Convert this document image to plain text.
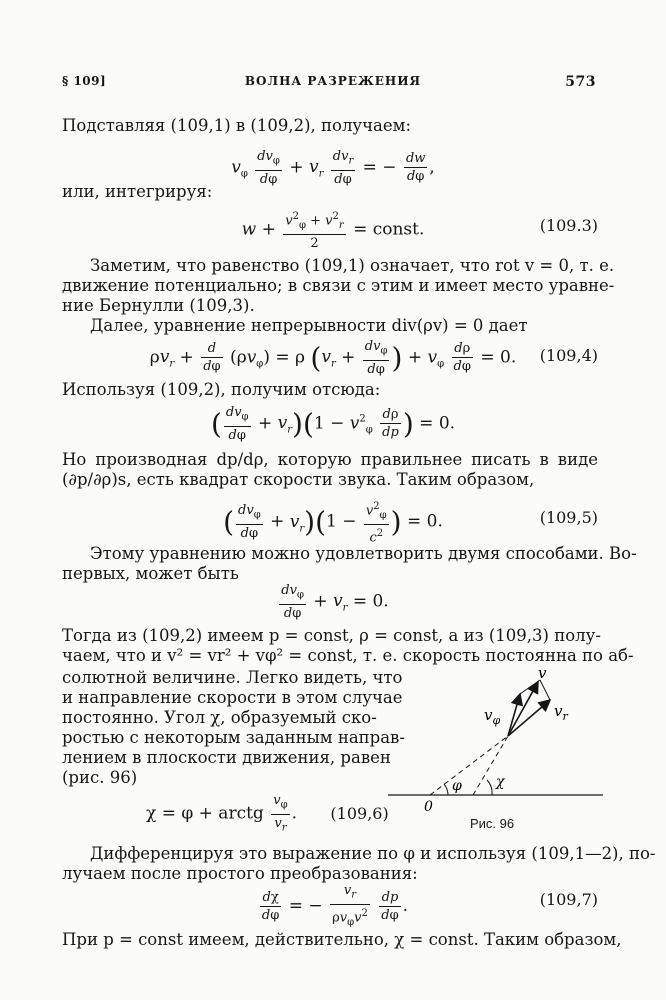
§ 109]	ВОЛНА РАЗРЕЖЕНИЯ	573
Подставляя (109,1) в (109,2), получаем:
$v_\varphi \frac{dv_\varphi}{d\varphi} + v_r \frac{dv_r}{d\varphi}$ = − $\frac{dw}{d\varphi}$ ,
или, интегрируя:
$w + \frac{v^2_\varphi + v^2_r}{2}$ = const.	(109.3)
Заметим, что равенство (109,1) означает, что rot v = 0, т. е.
движение потенциально; в связи с этим и имеет место уравне-
ние Бернулли (109,3).
Далее, уравнение непрерывности div(ρv) = 0 дает
$\rho v_r + \frac{d}{d\varphi} (\rho v_\varphi) = \rho$ ($v_r + \frac{dv_\varphi}{d\varphi}$ ) + $v_\varphi \frac{d\rho}{d\varphi} = 0$.	(109,4)
Используя (109,2), получим отсюда:
( $\frac{dv_\varphi}{d\varphi} + v_r)(1 - v^2_\varphi \frac{d\rho}{dp}$ ) = 0.
Но производная dp/dρ, которую правильнее писать в виде
(∂p/∂ρ)s, есть квадрат скорости звука. Таким образом,
( $\frac{dv_\varphi}{d\varphi} + v_r)(1 - \frac{v^2_\varphi}{c^2}$ ) = 0.	(109,5)
Этому уравнению можно удовлетворить двумя способами. Во-
первых, может быть
$\frac{dv_\varphi}{d\varphi} + v_r = 0$.
Тогда из (109,2) имеем p = const, ρ = const, а из (109,3) полу-
чаем, что и v² = vr² + vφ² = const, т. е. скорость постоянна по аб-
солютной величине. Легко видеть, что
и направление скорости в этом случае
постоянно. Угол χ, образуемый ско-
ростью с некоторым заданным направ-
лением в плоскости движения, равен
(рис. 96)
χ = φ + arctg $\frac{v_\varphi}{v_r}$ . (109,6)
v
$v_r$
$v_\varphi$
φ χ
0
Рис. 96
Дифференцируя это выражение по φ и используя (109,1—2), по-
лучаем после простого преобразования:
$\frac{d\chi}{d\varphi}$ = − $\frac{v_r}{\rho v_\varphi v^2}$
$\frac{dp}{d\varphi}$ .	(109,7)
При p = const имеем, действительно, χ = const. Таким образом,
